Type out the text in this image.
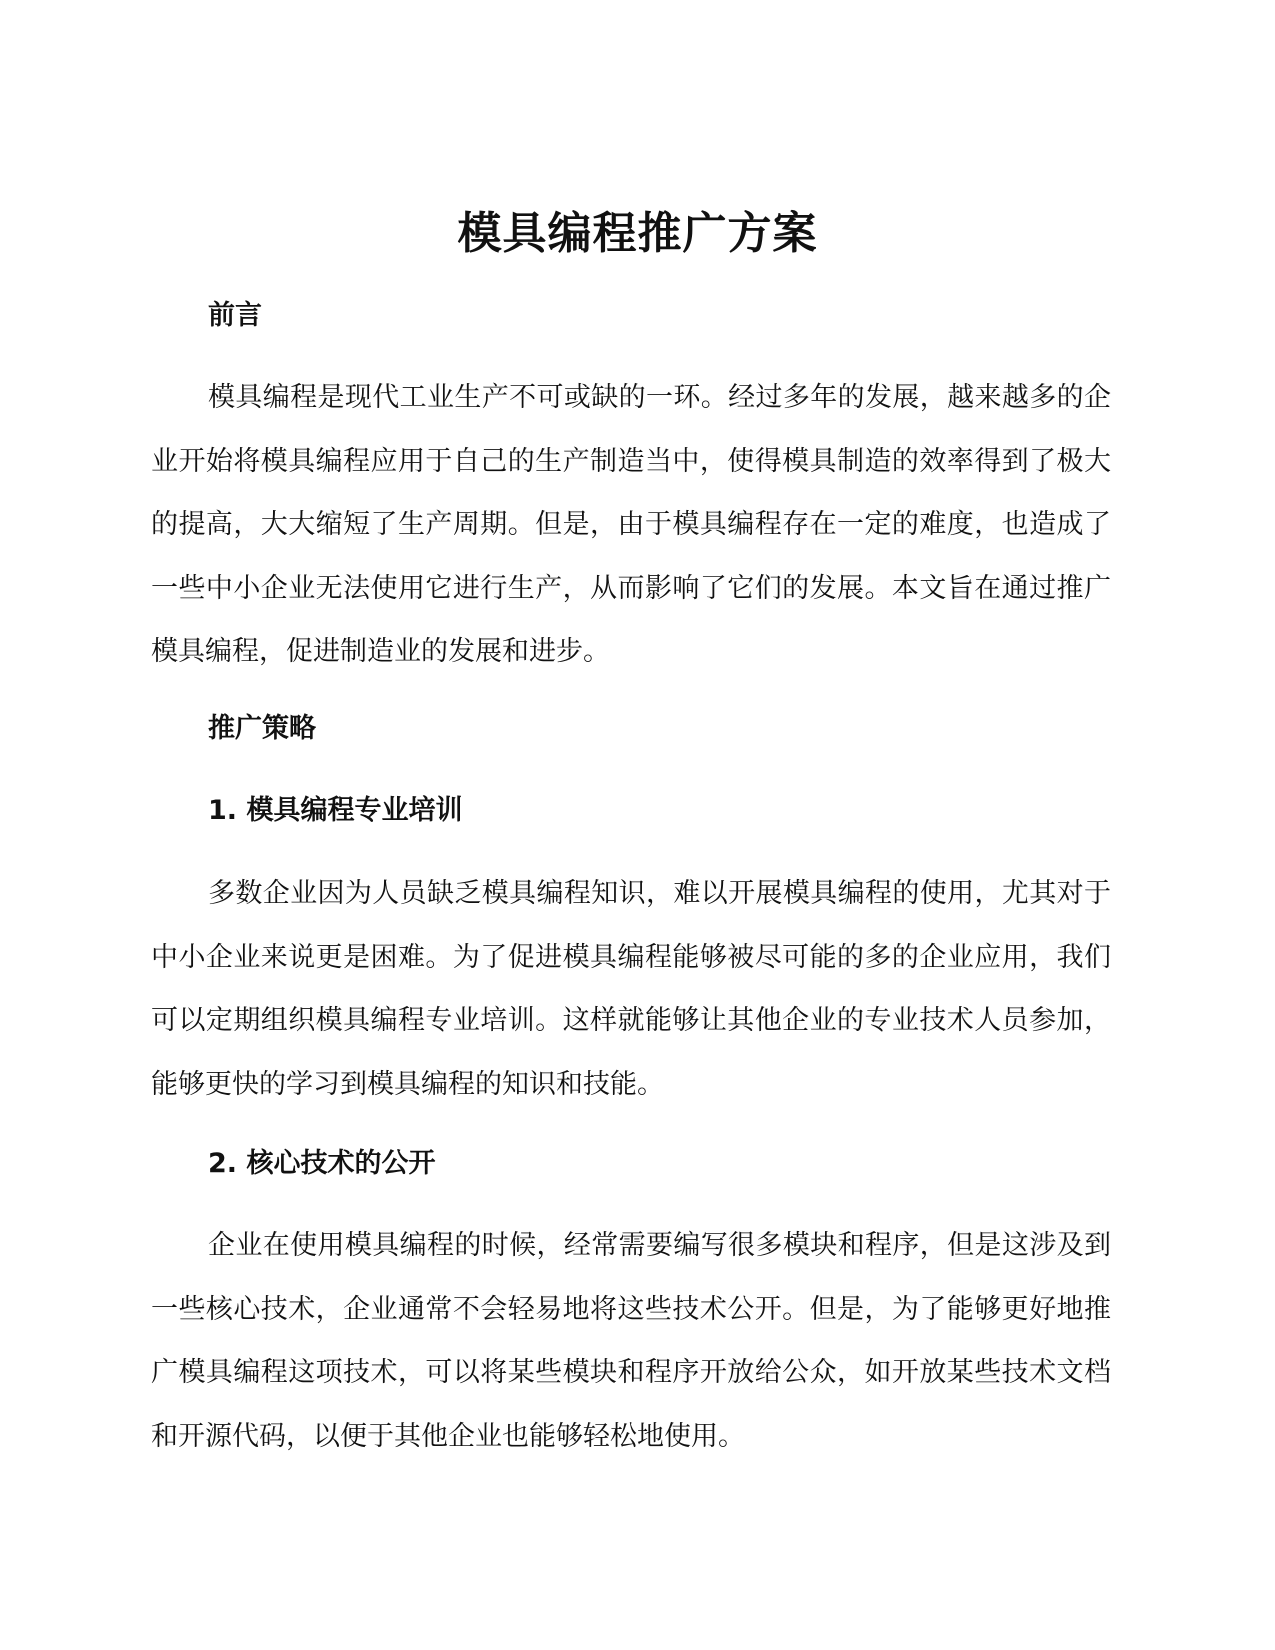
模具编程推广方案
前言

模具编程是现代工业生产不可或缺的一环。经过多年的发展，越来越多的企业开始将模具编程应用于自己的生产制造当中，使得模具制造的效率得到了极大的提高，大大缩短了生产周期。但是，由于模具编程存在一定的难度，也造成了一些中小企业无法使用它进行生产，从而影响了它们的发展。本文旨在通过推广模具编程，促进制造业的发展和进步。

推广策略
1. 模具编程专业培训

多数企业因为人员缺乏模具编程知识，难以开展模具编程的使用，尤其对于中小企业来说更是困难。为了促进模具编程能够被尽可能的多的企业应用，我们可以定期组织模具编程专业培训。这样就能够让其他企业的专业技术人员参加，能够更快的学习到模具编程的知识和技能。

2. 核心技术的公开

企业在使用模具编程的时候，经常需要编写很多模块和程序，但是这涉及到一些核心技术，企业通常不会轻易地将这些技术公开。但是，为了能够更好地推广模具编程这项技术，可以将某些模块和程序开放给公众，如开放某些技术文档和开源代码，以便于其他企业也能够轻松地使用。
